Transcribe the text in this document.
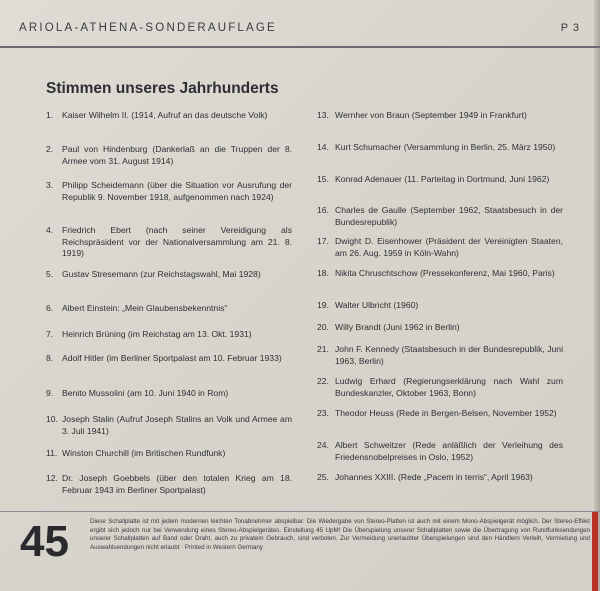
ARIOLA-ATHENA-SONDERAUFLAGE	P 3
Stimmen unseres Jahrhunderts
1.	Kaiser Wilhelm II. (1914, Aufruf an das deutsche Volk)
2.	Paul von Hindenburg (Dankerlaß an die Truppen der 8. Armee vom 31. August 1914)
3.	Philipp Scheidemann (über die Situation vor Ausrufung der Republik 9. November 1918, aufgenommen nach 1924)
4.	Friedrich Ebert (nach seiner Vereidigung als Reichspräsident vor der Nationalversammlung am 21. 8. 1919)
5.	Gustav Stresemann (zur Reichstagswahl, Mai 1928)
6.	Albert Einstein: „Mein Glaubensbekenntnis“
7.	Heinrich Brüning (im Reichstag am 13. Okt. 1931)
8.	Adolf Hitler (im Berliner Sportpalast am 10. Februar 1933)
9.	Benito Mussolini (am 10. Juni 1940 in Rom)
10. Joseph Stalin (Aufruf Joseph Stalins an Volk und Armee am 3. Juli 1941)
11. Winston Churchill (im Britischen Rundfunk)
12. Dr. Joseph Goebbels (über den totalen Krieg am 18. Februar 1943 im Berliner Sportpalast)
13. Wernher von Braun (September 1949 in Frankfurt)
14. Kurt Schumacher (Versammlung in Berlin, 25. März 1950)
15. Konrad Adenauer (11. Parteitag in Dortmund, Juni 1962)
16. Charles de Gaulle (September 1962, Staatsbesuch in der Bundesrepublik)
17. Dwight D. Eisenhower (Präsident der Vereinigten Staaten, am 26. Aug. 1959 in Köln-Wahn)
18. Nikita Chruschtschow (Pressekonferenz, Mai 1960, Paris)
19. Walter Ulbricht (1960)
20. Willy Brandt (Juni 1962 in Berlin)
21. John F. Kennedy (Staatsbesuch in der Bundesrepublik, Juni 1963, Berlin)
22. Ludwig Erhard (Regierungserklärung nach Wahl zum Bundeskanzler, Oktober 1963, Bonn)
23. Theodor Heuss (Rede in Bergen-Belsen, November 1952)
24. Albert Schweitzer (Rede anläßlich der Verleihung des Friedensnobelpreises in Oslo, 1952)
25. Johannes XXIII. (Rede „Pacem in terris“, April 1963)
45	Diese Schallplatte ist mit jedem modernen leichten Tonabnehmer abspielbar. Die Wiedergabe von Stereo-Platten ist auch mit einem Mono-Abspielgerät möglich. Der Stereo-Effekt ergibt sich jedoch nur bei Verwendung eines Stereo-Abspielgerätes. Einstellung 45 UpM! Die Überspielung unserer Schallplatten sowie die Übertragung von Rundfunksendungen unserer Schallplatten auf Band oder Draht, auch zu privatem Gebrauch, sind verboten. Zur Vermeidung unerlaubter Überspielungen sind den Händlern Verleih, Vermietung und Auswahlsendungen nicht erlaubt · Printed in Western Germany
